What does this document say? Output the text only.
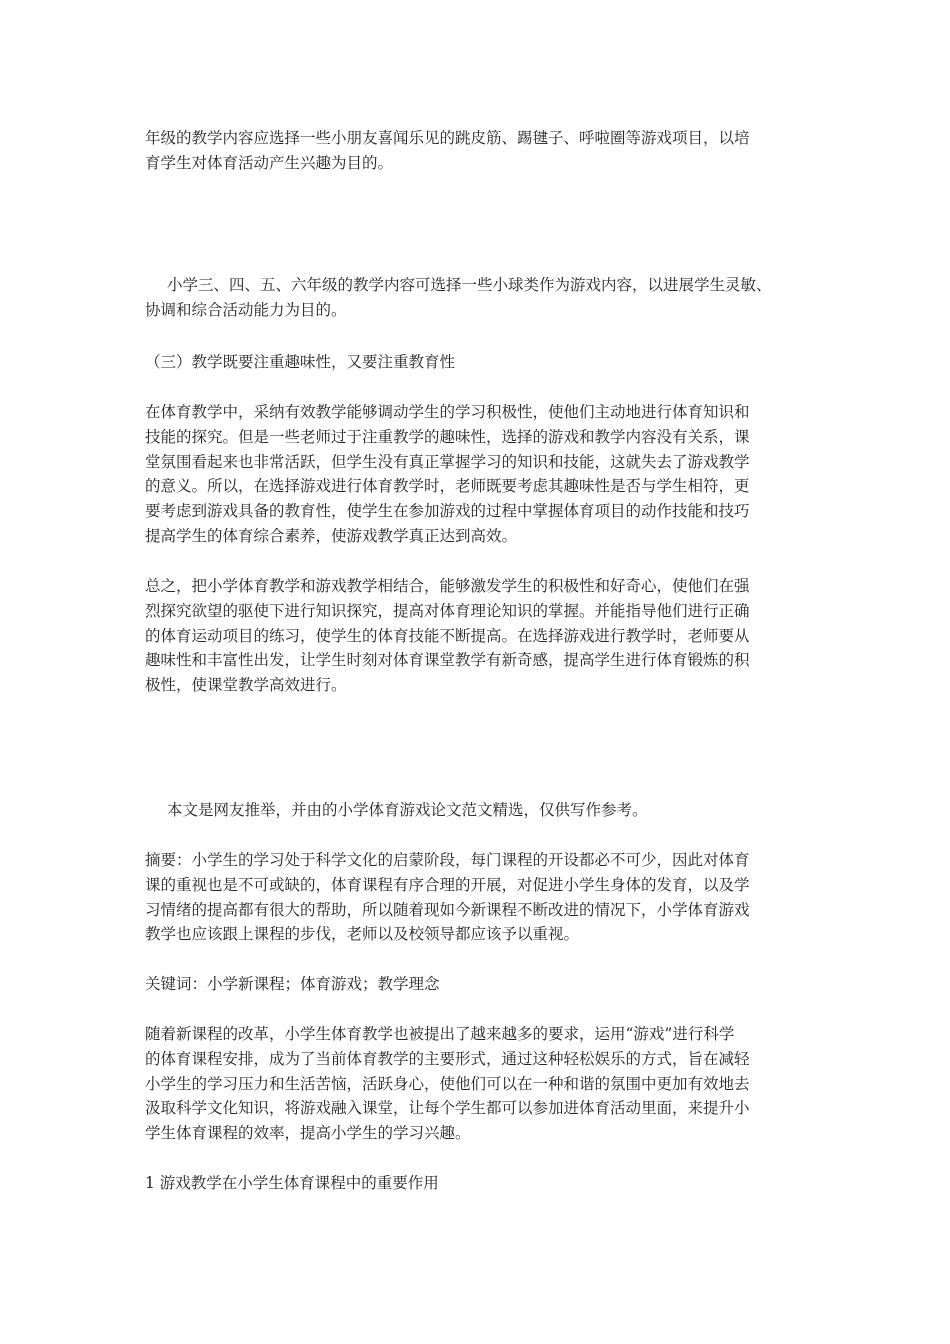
年级的教学内容应选择一些小朋友喜闻乐见的跳皮筋、踢毽子、呼啦圈等游戏项目，以培
育学生对体育活动产生兴趣为目的。

小学三、四、五、六年级的教学内容可选择一些小球类作为游戏内容，以进展学生灵敏、
协调和综合活动能力为目的。

（三）教学既要注重趣味性，又要注重教育性

在体育教学中，采纳有效教学能够调动学生的学习积极性，使他们主动地进行体育知识和
技能的探究。但是一些老师过于注重教学的趣味性，选择的游戏和教学内容没有关系，课
堂氛围看起来也非常活跃，但学生没有真正掌握学习的知识和技能，这就失去了游戏教学
的意义。所以，在选择游戏进行体育教学时，老师既要考虑其趣味性是否与学生相符，更
要考虑到游戏具备的教育性，使学生在参加游戏的过程中掌握体育项目的动作技能和技巧
提高学生的体育综合素养，使游戏教学真正达到高效。

总之，把小学体育教学和游戏教学相结合，能够激发学生的积极性和好奇心，使他们在强
烈探究欲望的驱使下进行知识探究，提高对体育理论知识的掌握。并能指导他们进行正确
的体育运动项目的练习，使学生的体育技能不断提高。在选择游戏进行教学时，老师要从
趣味性和丰富性出发，让学生时刻对体育课堂教学有新奇感，提高学生进行体育锻炼的积
极性，使课堂教学高效进行。

本文是网友推举，并由的小学体育游戏论文范文精选，仅供写作参考。

摘要：小学生的学习处于科学文化的启蒙阶段，每门课程的开设都必不可少，因此对体育
课的重视也是不可或缺的，体育课程有序合理的开展，对促进小学生身体的发育，以及学
习情绪的提高都有很大的帮助，所以随着现如今新课程不断改进的情况下，小学体育游戏
教学也应该跟上课程的步伐，老师以及校领导都应该予以重视。

关键词：小学新课程；体育游戏；教学理念

随着新课程的改革，小学生体育教学也被提出了越来越多的要求，运用“游戏”进行科学
的体育课程安排，成为了当前体育教学的主要形式，通过这种轻松娱乐的方式，旨在减轻
小学生的学习压力和生活苦恼，活跃身心，使他们可以在一种和谐的氛围中更加有效地去
汲取科学文化知识，将游戏融入课堂，让每个学生都可以参加进体育活动里面，来提升小
学生体育课程的效率，提高小学生的学习兴趣。

1 游戏教学在小学生体育课程中的重要作用
